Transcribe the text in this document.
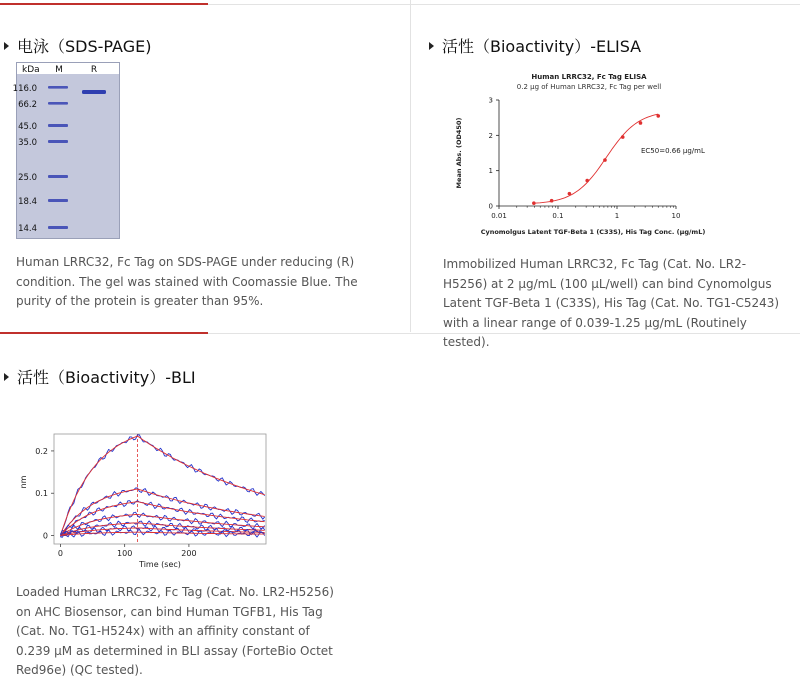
电泳（SDS-PAGE)
kDa M	R
116.0
66.2
45.0
35.0
25.0
18.4
14.4
Human LRRC32, Fc Tag on SDS-PAGE under reducing (R) condition. The gel was stained with Coomassie Blue. The purity of the protein is greater than 95%.
活性（Bioactivity）-ELISA
Human LRRC32, Fc Tag ELISA
0.2 μg of Human LRRC32, Fc Tag per well
Mean Abs. (OD450)
Cynomolgus Latent TGF-Beta 1 (C33S), His Tag Conc. (μg/mL)
EC50=0.66 μg/mL
0
1
2
3
0.01	0.1	1	10
Immobilized Human LRRC32, Fc Tag (Cat. No. LR2-H5256) at 2 μg/mL (100 μL/well) can bind Cynomolgus Latent TGF-Beta 1 (C33S), His Tag (Cat. No. TG1-C5243) with a linear range of 0.039-1.25 μg/mL (Routinely tested).
活性（Bioactivity）-BLI
nm
Time (sec)
0
0.1
0.2
0	100	200
Loaded Human LRRC32, Fc Tag (Cat. No. LR2-H5256) on AHC Biosensor, can bind Human TGFB1, His Tag (Cat. No. TG1-H524x) with an affinity constant of 0.239 μM as determined in BLI assay (ForteBio Octet Red96e) (QC tested).
